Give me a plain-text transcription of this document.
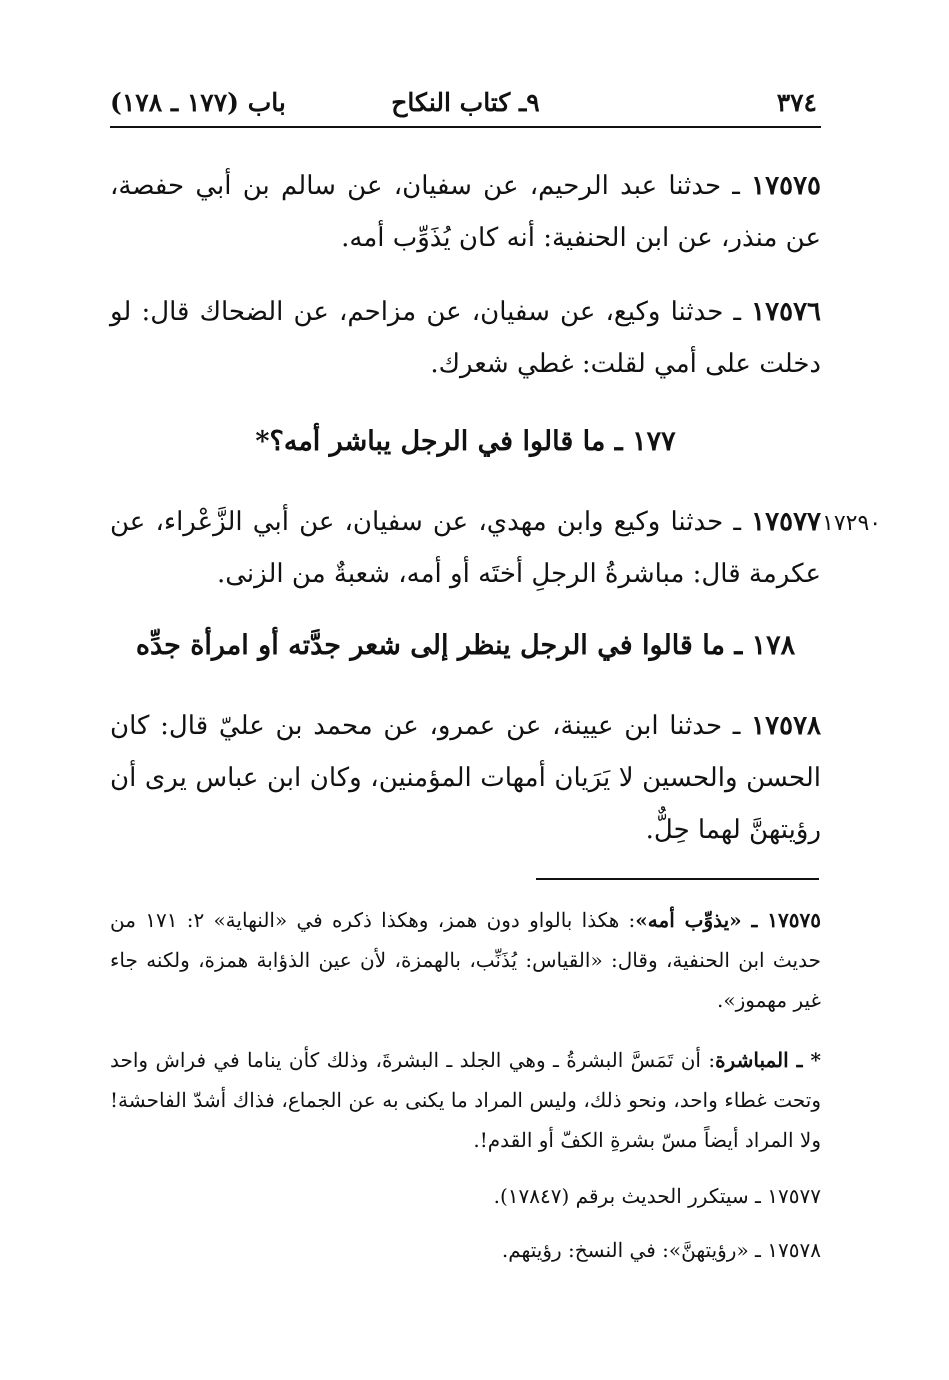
٣٧٤
٩ـ كتاب النكاح
باب (١٧٧ ـ ١٧٨)
١٧٥٧٥ ـ حدثنا عبد الرحيم، عن سفيان، عن سالم بن أبي حفصة، عن منذر، عن ابن الحنفية: أنه كان يُذَوِّب أمه.
١٧٥٧٦ ـ حدثنا وكيع، عن سفيان، عن مزاحم، عن الضحاك قال: لو دخلت على أمي لقلت: غطي شعرك.
١٧٧ ـ ما قالوا في الرجل يباشر أمه؟*
١٧٢٩٠
١٧٥٧٧ ـ حدثنا وكيع وابن مهدي، عن سفيان، عن أبي الزَّعْراء، عن عكرمة قال: مباشرةُ الرجلِ أختَه أو أمه، شعبةٌ من الزنى.
١٧٨ ـ ما قالوا في الرجل ينظر إلى شعر جدَّته أو امرأة جدِّه
١٧٥٧٨ ـ حدثنا ابن عيينة، عن عمرو، عن محمد بن عليّ قال: كان الحسن والحسين لا يَرَيان أمهات المؤمنين، وكان ابن عباس يرى أن رؤيتهنَّ لهما حِلٌّ.
١٧٥٧٥ ـ «يذوِّب أمه»: هكذا بالواو دون همز، وهكذا ذكره في «النهاية» ٢: ١٧١ من حديث ابن الحنفية، وقال: «القياس: يُذَنِّب، بالهمزة، لأن عين الذؤابة همزة، ولكنه جاء غير مهموز».
* ـ المباشرة: أن تَمَسَّ البشرةُ ـ وهي الجلد ـ البشرةَ، وذلك كأن يناما في فراش واحد وتحت غطاء واحد، ونحو ذلك، وليس المراد ما يكنى به عن الجماع، فذاك أشدّ الفاحشة! ولا المراد أيضاً مسّ بشرةِ الكفّ أو القدم!.
١٧٥٧٧ ـ سيتكرر الحديث برقم (١٧٨٤٧).
١٧٥٧٨ ـ «رؤيتهنَّ»: في النسخ: رؤيتهم.
